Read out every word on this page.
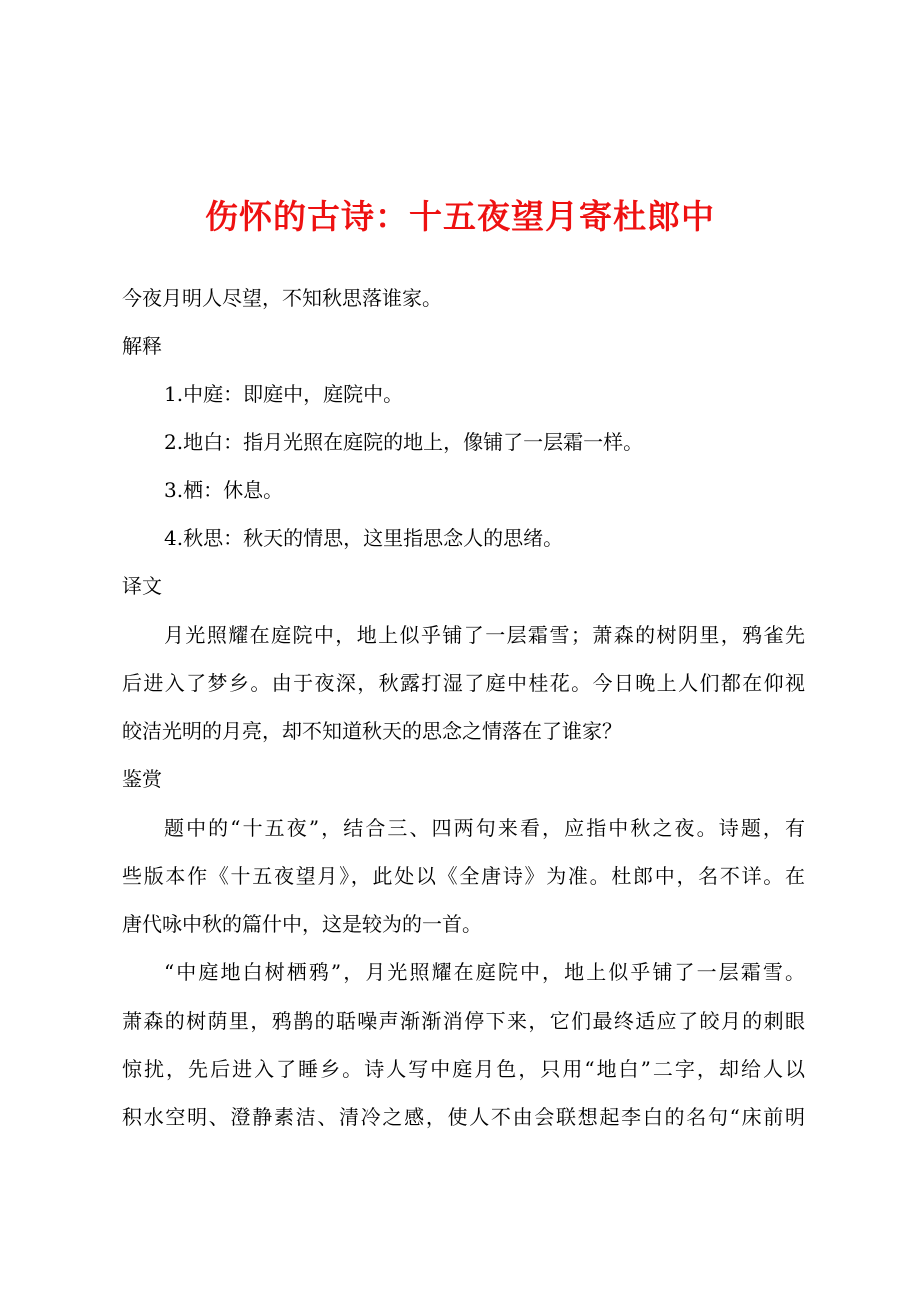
伤怀的古诗：十五夜望月寄杜郎中
今夜月明人尽望，不知秋思落谁家。
解释
1.中庭：即庭中，庭院中。
2.地白：指月光照在庭院的地上，像铺了一层霜一样。
3.栖：休息。
4.秋思：秋天的情思，这里指思念人的思绪。
译文
月光照耀在庭院中，地上似乎铺了一层霜雪；萧森的树阴里，鸦雀先
后进入了梦乡。由于夜深，秋露打湿了庭中桂花。今日晚上人们都在仰视
皎洁光明的月亮，却不知道秋天的思念之情落在了谁家？
鉴赏
题中的“十五夜”，结合三、四两句来看，应指中秋之夜。诗题，有
些版本作《十五夜望月》，此处以《全唐诗》为准。杜郎中，名不详。在
唐代咏中秋的篇什中，这是较为的一首。
“中庭地白树栖鸦”，月光照耀在庭院中，地上似乎铺了一层霜雪。
萧森的树荫里，鸦鹊的聒噪声渐渐消停下来，它们最终适应了皎月的刺眼
惊扰，先后进入了睡乡。诗人写中庭月色，只用“地白”二字，却给人以
积水空明、澄静素洁、清冷之感，使人不由会联想起李白的名句“床前明
